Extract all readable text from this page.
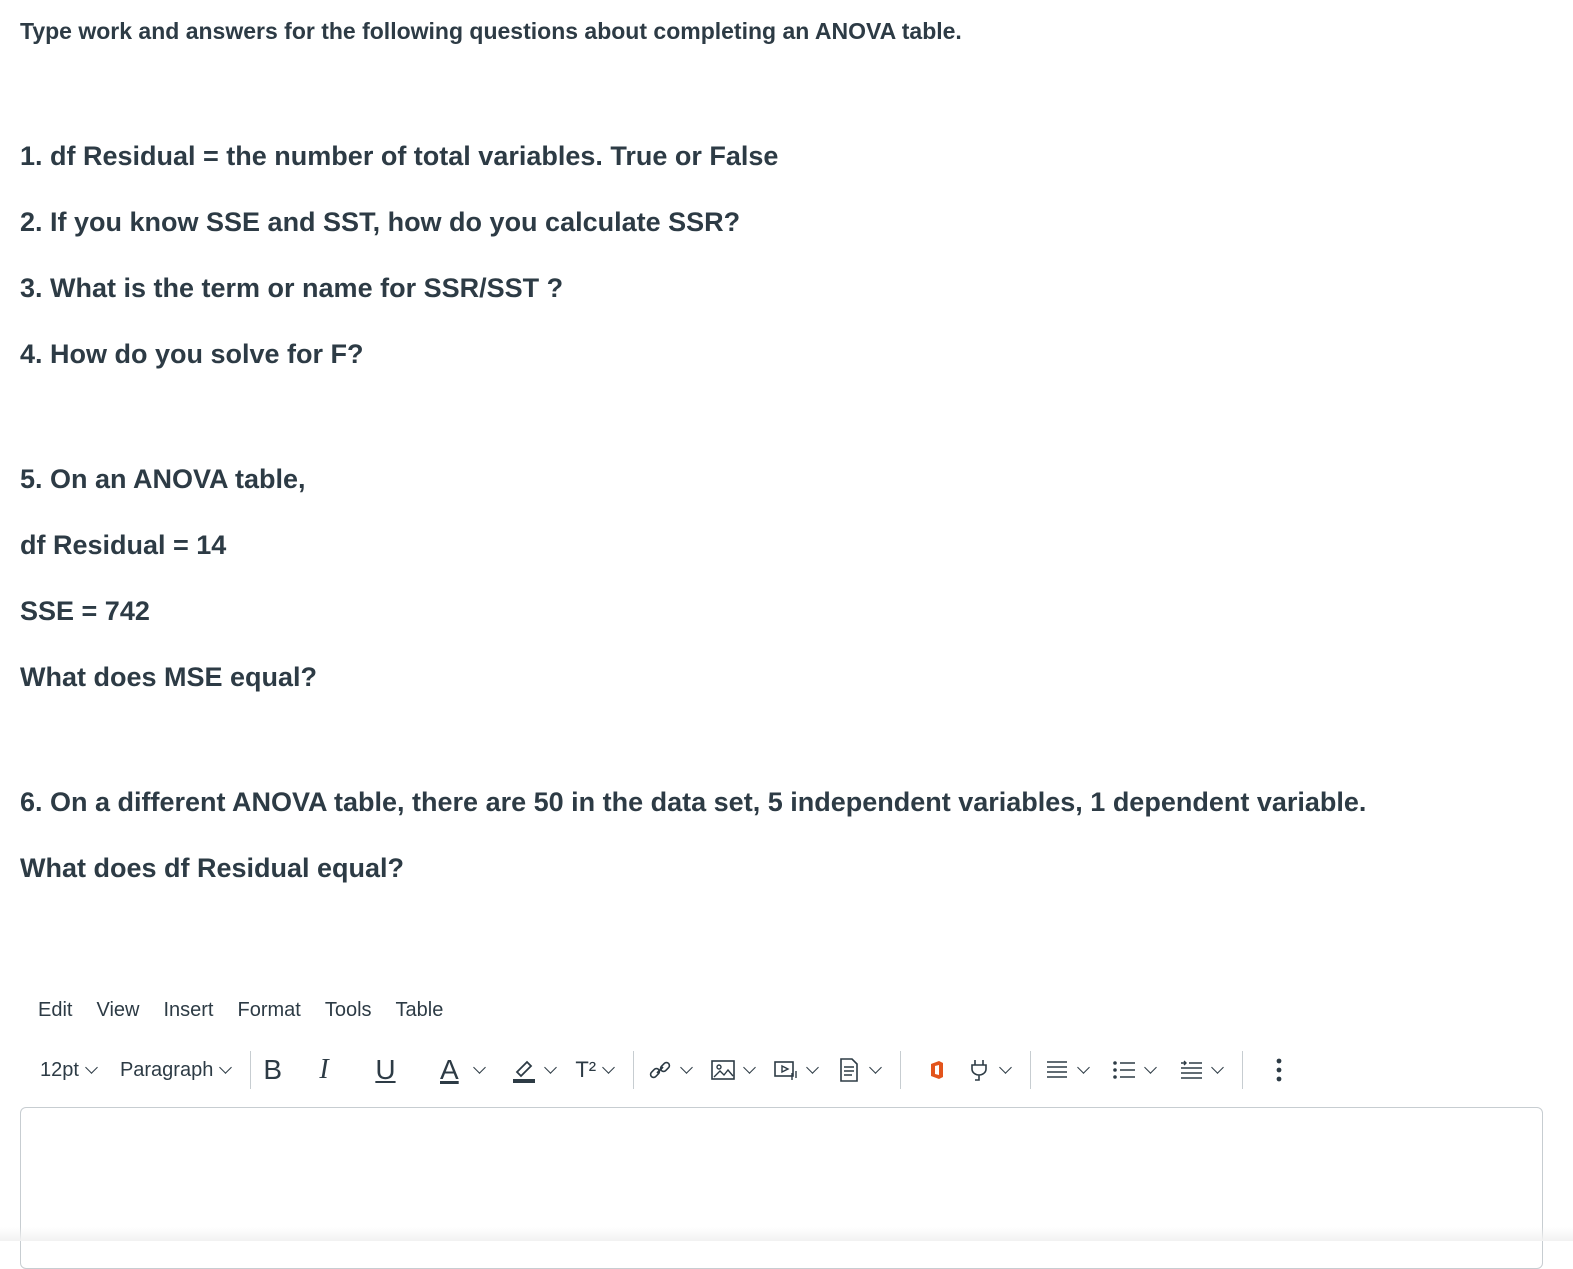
Type work and answers for the following questions about completing an ANOVA table.

1. df Residual = the number of total variables. True or False

2. If you know SSE and SST, how do you calculate SSR?

3. What is the term or name for SSR/SST ?

4. How do you solve for F?

5. On an ANOVA table,

df Residual = 14

SSE = 742

What does MSE equal?

6. On a different ANOVA table, there are 50 in the data set, 5 independent variables, 1 dependent variable.

What does df Residual equal?

Edit View Insert Format Tools Table
12pt Paragraph B	I	U	A	T²
